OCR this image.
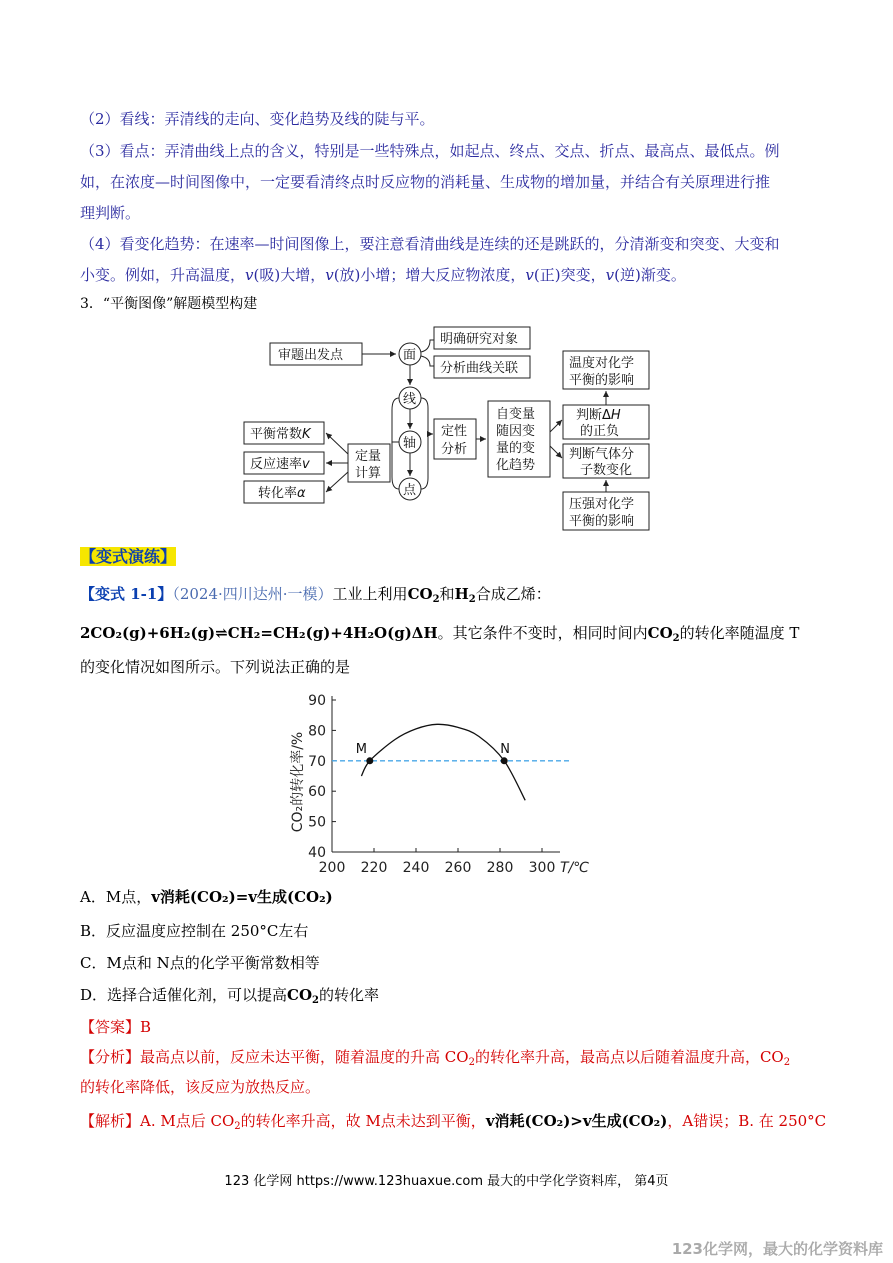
（2）看线：弄清线的走向、变化趋势及线的陡与平。
（3）看点：弄清曲线上点的含义，特别是一些特殊点，如起点、终点、交点、折点、最高点、最低点。例
如，在浓度—时间图像中，一定要看清终点时反应物的消耗量、生成物的增加量，并结合有关原理进行推
理判断。
（4）看变化趋势：在速率—时间图像上，要注意看清曲线是连续的还是跳跃的，分清渐变和突变、大变和
小变。例如，升高温度，v(吸)大增，v(放)小增；增大反应物浓度，v(正)突变，v(逆)渐变。
3．“平衡图像”解题模型构建
审题出发点	面
线
轴
点
明确研究对象
分析曲线关联
定性
分析
自变量
随因变
量的变
化趋势
定量
计算
平衡常数K
反应速率v
转化率α
温度对化学
平衡的影响
判断ΔH
的正负
判断气体分
子数变化
压强对化学
平衡的影响
【变式演练】
【变式 1-1】（2024·四川达州·一模）工业上利用$CO_2$和$H_2$合成乙烯：
2CO₂(g)+6H₂(g)⇌CH₂=CH₂(g)+4H₂O(g)ΔH。其它条件不变时，相同时间内$CO_2$的转化率随温度 T
的变化情况如图所示。下列说法正确的是
40
50
60
70
80
90
200 220 240 260 280 300 T/℃
CO₂的转化率/%	M	N
A．M点，v消耗(CO₂)=v生成(CO₂)
B．反应温度应控制在 250°C左右
C．M点和 N点的化学平衡常数相等
D．选择合适催化剂，可以提高$CO_2$的转化率
【答案】B
【分析】最高点以前，反应未达平衡，随着温度的升高 $CO_2$的转化率升高，最高点以后随着温度升高，$CO_2$
的转化率降低，该反应为放热反应。
【解析】A. M点后 $CO_2$的转化率升高，故 M点未达到平衡，v消耗(CO₂)>v生成(CO₂)，A错误；B. 在 250°C
123 化学网 https://www.123huaxue.com 最大的中学化学资料库， 第4页
123化学网，最大的化学资料库
